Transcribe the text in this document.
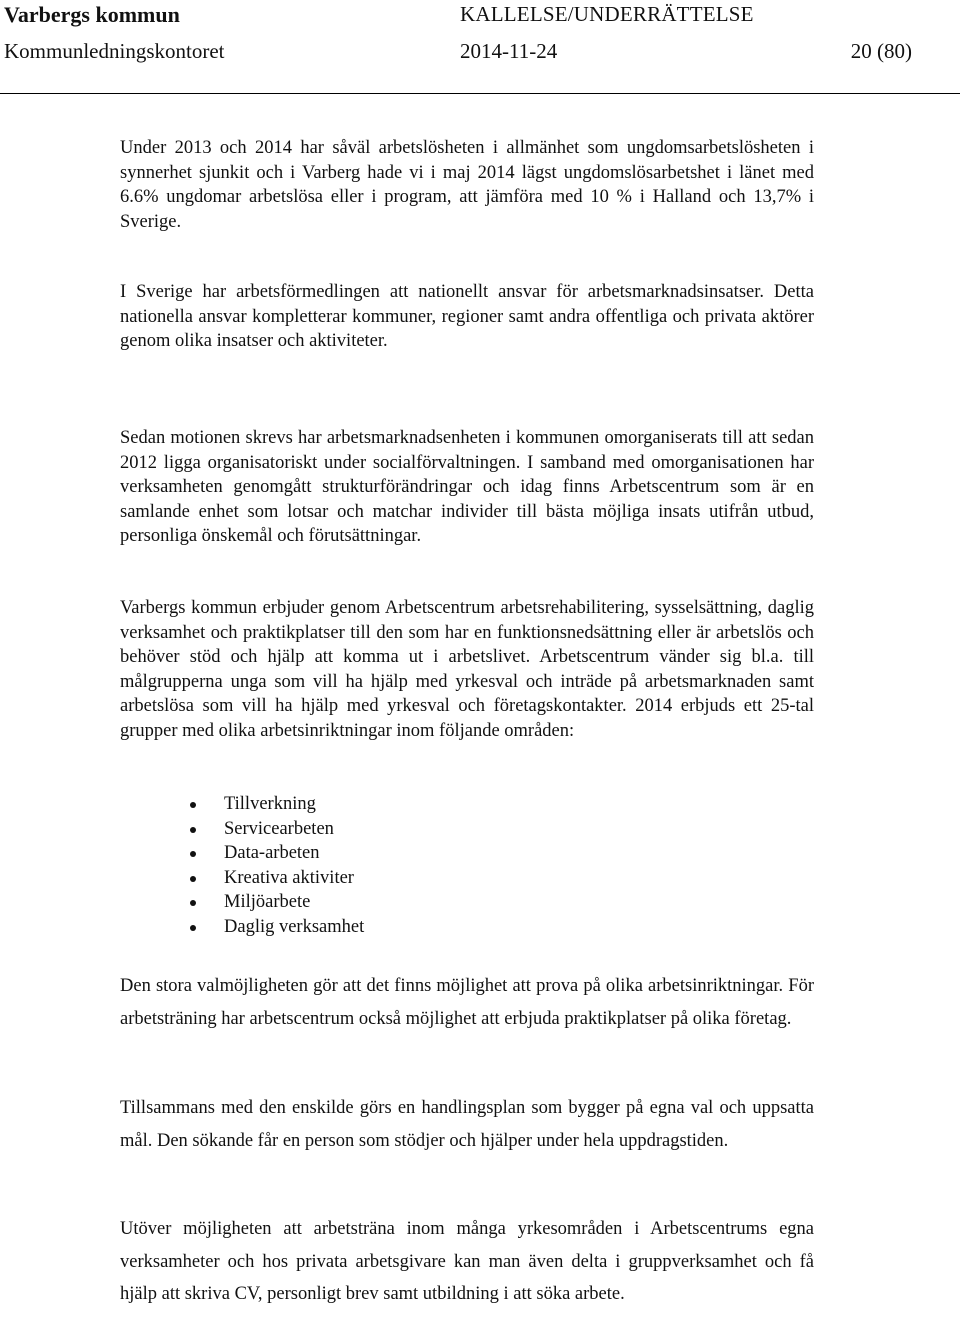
Varbergs kommun	KALLELSE/UNDERRÄTTELSE
Kommunledningskontoret	2014-11-24	20 (80)

Under 2013 och 2014 har såväl arbetslösheten i allmänhet som ungdomsarbetslösheten i synnerhet sjunkit och i Varberg hade vi i maj 2014 lägst ungdomslösarbetshet i länet med 6.6% ungdomar arbetslösa eller i program, att jämföra med 10 % i Halland och 13,7% i Sverige.

I Sverige har arbetsförmedlingen att nationellt ansvar för arbetsmarknadsinsatser. Detta nationella ansvar kompletterar kommuner, regioner samt andra offentliga och privata aktörer genom olika insatser och aktiviteter.

Sedan motionen skrevs har arbetsmarknadsenheten i kommunen omorganiserats till att sedan 2012 ligga organisatoriskt under socialförvaltningen. I samband med omorganisationen har verksamheten genomgått strukturförändringar och idag finns Arbetscentrum som är en samlande enhet som lotsar och matchar individer till bästa möjliga insats utifrån utbud, personliga önskemål och förutsättningar.

Varbergs kommun erbjuder genom Arbetscentrum arbetsrehabilitering, sysselsättning, daglig verksamhet och praktikplatser till den som har en funktionsnedsättning eller är arbetslös och behöver stöd och hjälp att komma ut i arbetslivet. Arbetscentrum vänder sig bl.a. till målgrupperna unga som vill ha hjälp med yrkesval och inträde på arbetsmarknaden samt arbetslösa som vill ha hjälp med yrkesval och företagskontakter. 2014 erbjuds ett 25-tal grupper med olika arbetsinriktningar inom följande områden:

Tillverkning
Servicearbeten
Data-arbeten
Kreativa aktiviter
Miljöarbete
Daglig verksamhet

Den stora valmöjligheten gör att det finns möjlighet att prova på olika arbetsinriktningar. För arbetsträning har arbetscentrum också möjlighet att erbjuda praktikplatser på olika företag.

Tillsammans med den enskilde görs en handlingsplan som bygger på egna val och uppsatta mål. Den sökande får en person som stödjer och hjälper under hela uppdragstiden.

Utöver möjligheten att arbetsträna inom många yrkesområden i Arbetscentrums egna verksamheter och hos privata arbetsgivare kan man även delta i gruppverksamhet och få hjälp att skriva CV, personligt brev samt utbildning i att söka arbete.
